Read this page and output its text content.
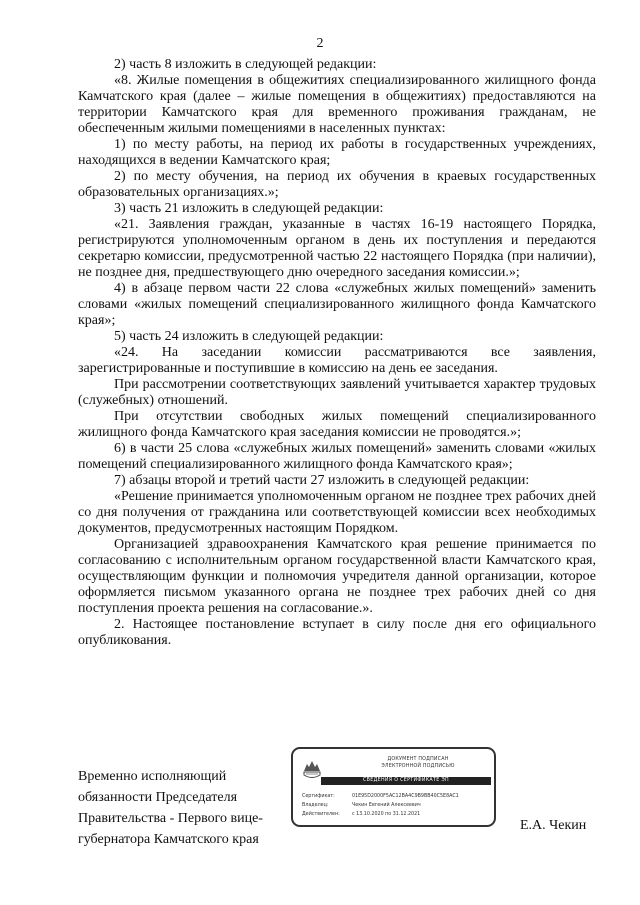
2

2) часть 8 изложить в следующей редакции:

«8. Жилые помещения в общежитиях специализированного жилищного фонда Камчатского края (далее – жилые помещения в общежитиях) предоставляются на территории Камчатского края для временного проживания гражданам, не обеспеченным жилыми помещениями в населенных пунктах:

1) по месту работы, на период их работы в государственных учреждениях, находящихся в ведении Камчатского края;

2) по месту обучения, на период их обучения в краевых государственных образовательных организациях.»;

3) часть 21 изложить в следующей редакции:

«21. Заявления граждан, указанные в частях 16-19 настоящего Порядка, регистрируются уполномоченным органом в день их поступления и передаются секретарю комиссии, предусмотренной частью 22 настоящего Порядка (при наличии), не позднее дня, предшествующего дню очередного заседания комиссии.»;

4) в абзаце первом части 22 слова «служебных жилых помещений» заменить словами «жилых помещений специализированного жилищного фонда Камчатского края»;

5) часть 24 изложить в следующей редакции:

«24. На заседании комиссии рассматриваются все заявления, зарегистрированные и поступившие в комиссию на день ее заседания.

При рассмотрении соответствующих заявлений учитывается характер трудовых (служебных) отношений.

При отсутствии свободных жилых помещений специализированного жилищного фонда Камчатского края заседания комиссии не проводятся.»;

6) в части 25 слова «служебных жилых помещений» заменить словами «жилых помещений специализированного жилищного фонда Камчатского края»;

7) абзацы второй и третий части 27 изложить в следующей редакции:

«Решение принимается уполномоченным органом не позднее трех рабочих дней со дня получения от гражданина или соответствующей комиссии всех необходимых документов, предусмотренных настоящим Порядком.

Организацией здравоохранения Камчатского края решение принимается по согласованию с исполнительным органом государственной власти Камчатского края, осуществляющим функции и полномочия учредителя данной организации, которое оформляется письмом указанного органа не позднее трех рабочих дней со дня поступления проекта решения на согласование.».

2. Настоящее постановление вступает в силу после дня его официального опубликования.

Временно исполняющий
обязанности Председателя
Правительства - Первого вице-
губернатора Камчатского края
ДОКУМЕНТ ПОДПИСАН
ЭЛЕКТРОННОЙ ПОДПИСЬЮ
СВЕДЕНИЯ О СЕРТИФИКАТЕ ЭП
Сертификат:	01E95D2000F5AC12BA4C9B9BB40C5E8AC1
Владелец:	Чекин Евгений Алексеевич
Действителен:	с 13.10.2020 по 31.12.2021
Е.А. Чекин
